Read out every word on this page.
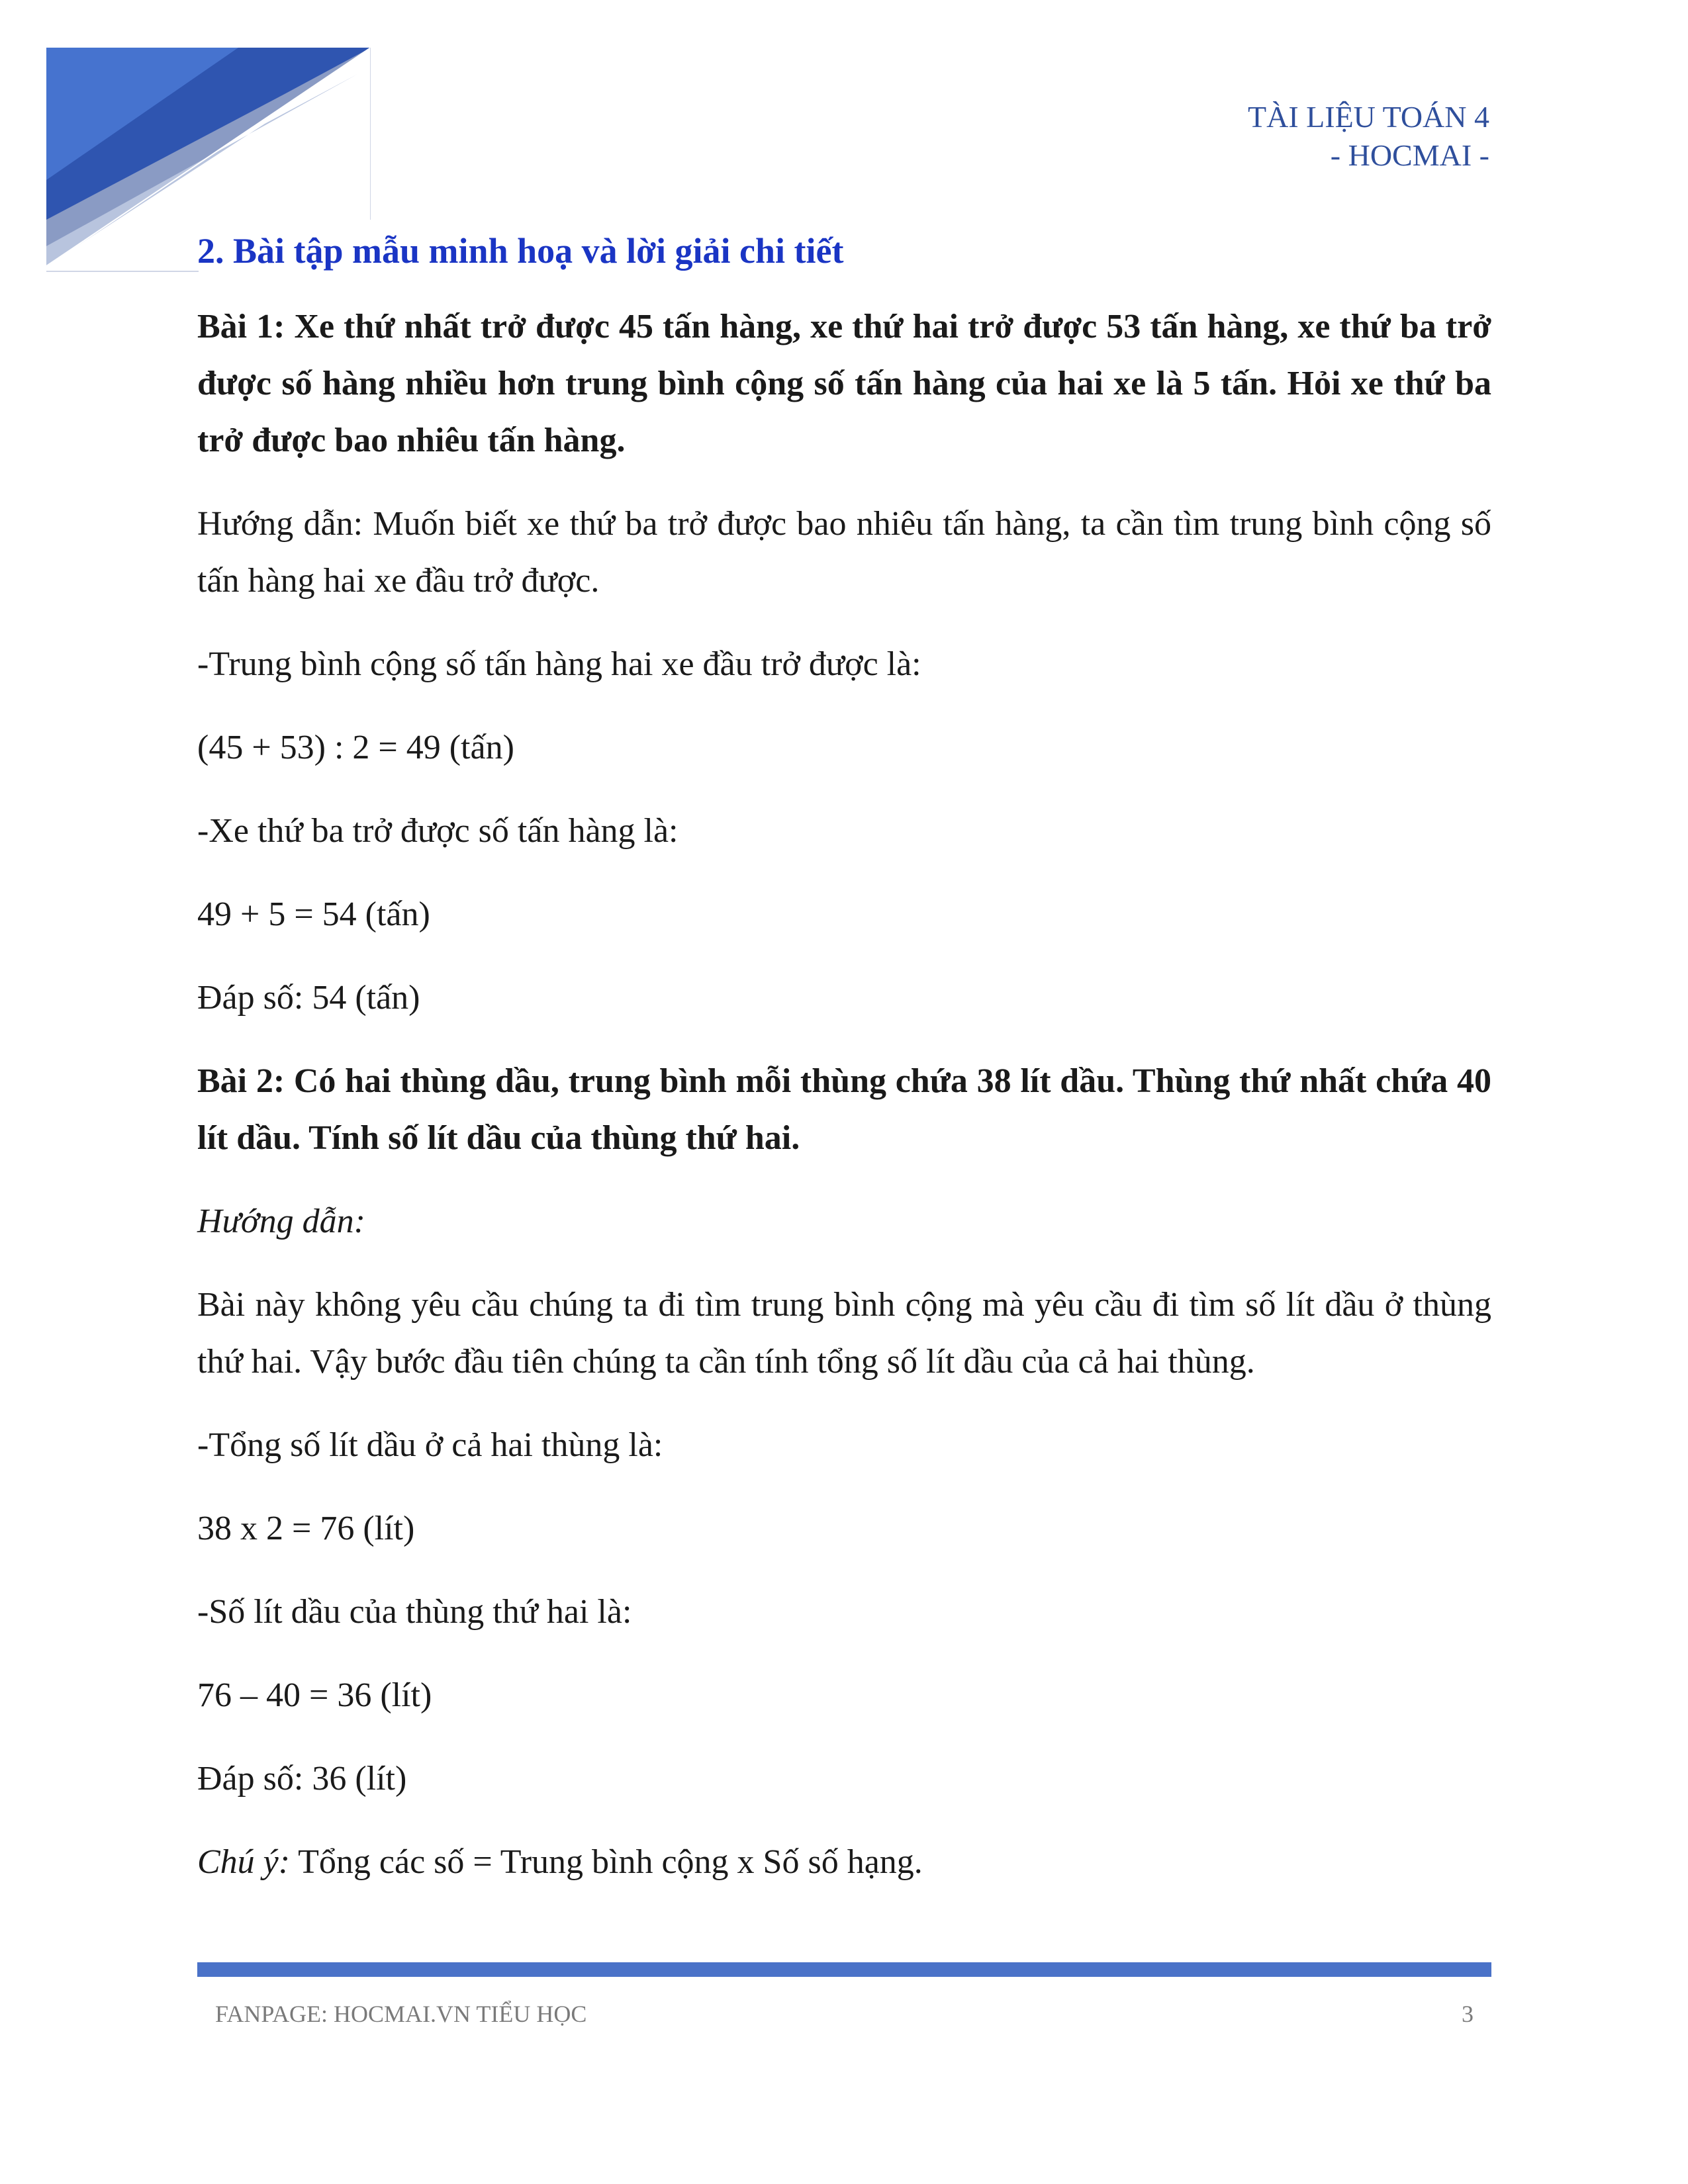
TÀI LIỆU TOÁN 4
- HOCMAI -
2. Bài tập mẫu minh hoạ và lời giải chi tiết
Bài 1: Xe thứ nhất trở được 45 tấn hàng, xe thứ hai trở được 53 tấn hàng, xe thứ ba trở được số hàng nhiều hơn trung bình cộng số tấn hàng của hai xe là 5 tấn. Hỏi xe thứ ba trở được bao nhiêu tấn hàng.
Hướng dẫn: Muốn biết xe thứ ba trở được bao nhiêu tấn hàng, ta cần tìm trung bình cộng số tấn hàng hai xe đầu trở được.
-Trung bình cộng số tấn hàng hai xe đầu trở được là:
(45 + 53) : 2 = 49 (tấn)
-Xe thứ ba trở được số tấn hàng là:
49 + 5 = 54 (tấn)
Đáp số: 54 (tấn)
Bài 2: Có hai thùng dầu, trung bình mỗi thùng chứa 38 lít dầu. Thùng thứ nhất chứa 40 lít dầu. Tính số lít dầu của thùng thứ hai.
Hướng dẫn:
Bài này không yêu cầu chúng ta đi tìm trung bình cộng mà yêu cầu đi tìm số lít dầu ở thùng thứ hai. Vậy bước đầu tiên chúng ta cần tính tổng số lít dầu của cả hai thùng.
-Tổng số lít dầu ở cả hai thùng là:
38 x 2 = 76 (lít)
-Số lít dầu của thùng thứ hai là:
76 – 40 = 36 (lít)
Đáp số: 36 (lít)
Chú ý: Tổng các số = Trung bình cộng x Số số hạng.
FANPAGE: HOCMAI.VN TIỂU HỌC	3
